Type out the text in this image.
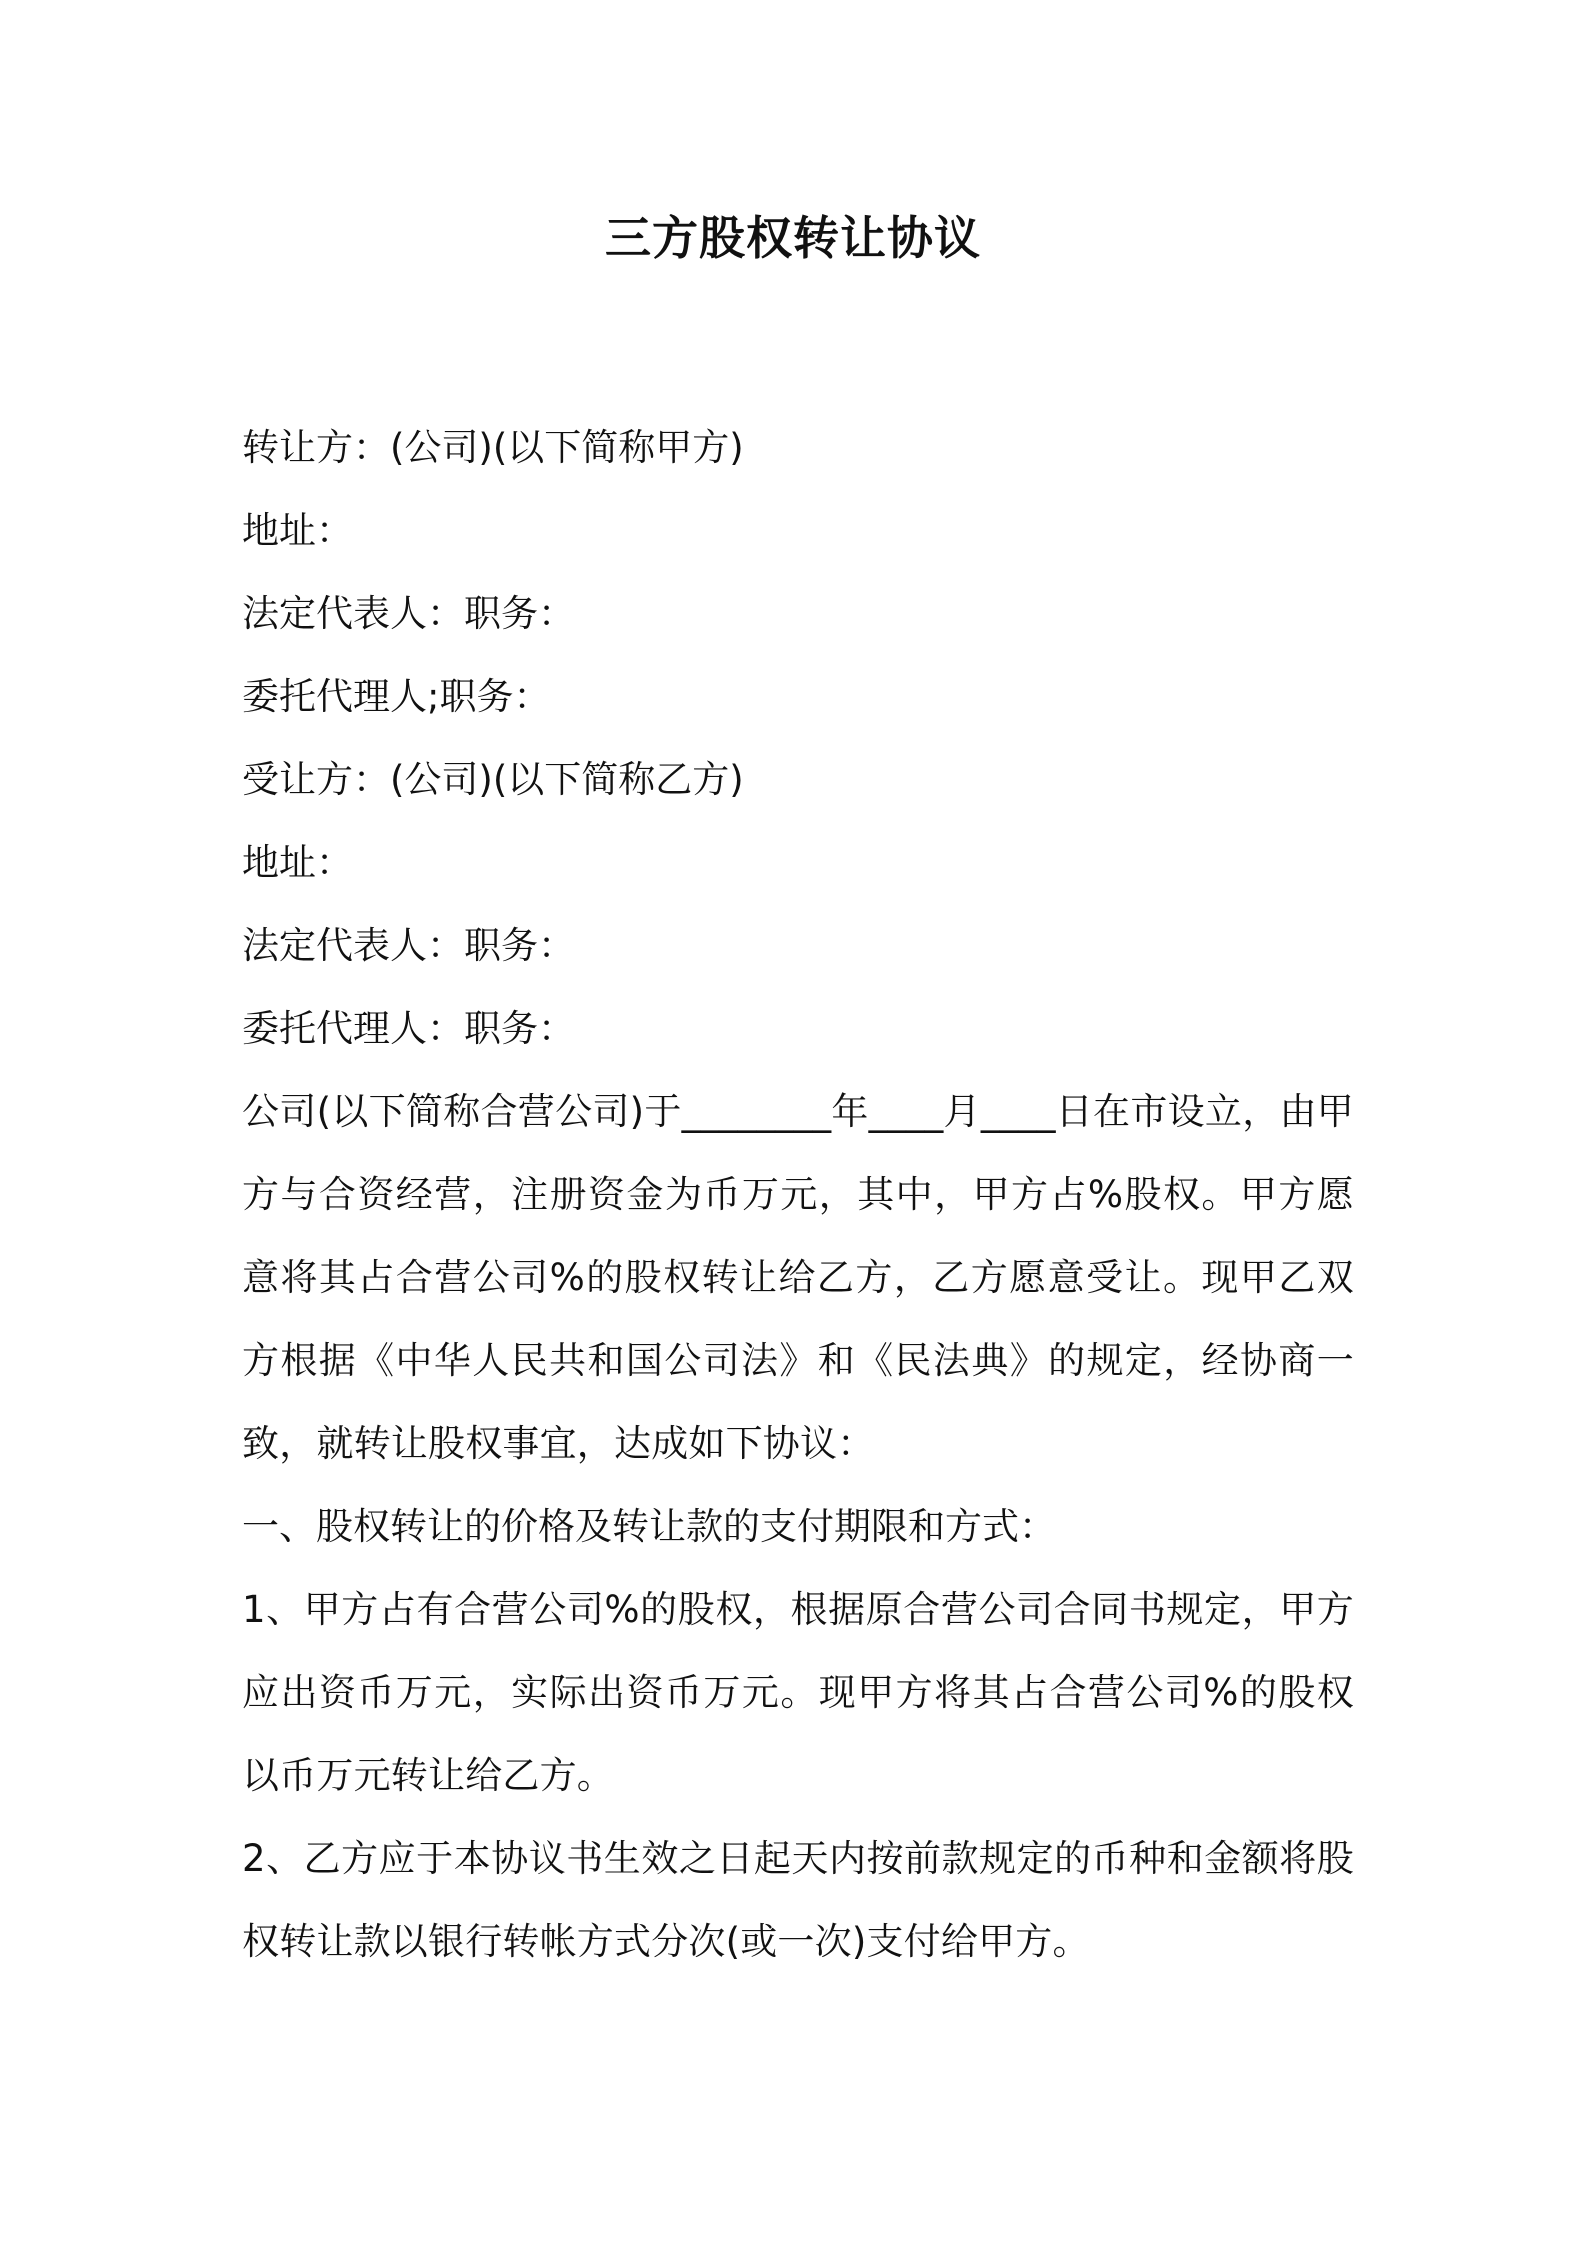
三方股权转让协议
转让方：(公司)(以下简称甲方)
地址：
法定代表人：职务：
委托代理人;职务：
受让方：(公司)(以下简称乙方)
地址：
法定代表人：职务：
委托代理人：职务：
公司(以下简称合营公司)于________年____月____日在市设立，由甲方与合资经营，注册资金为币万元，其中，甲方占%股权。甲方愿意将其占合营公司%的股权转让给乙方，乙方愿意受让。现甲乙双方根据《中华人民共和国公司法》和《民法典》的规定，经协商一致，就转让股权事宜，达成如下协议：
一、股权转让的价格及转让款的支付期限和方式：
1、甲方占有合营公司%的股权，根据原合营公司合同书规定，甲方应出资币万元，实际出资币万元。现甲方将其占合营公司%的股权以币万元转让给乙方。
2、乙方应于本协议书生效之日起天内按前款规定的币种和金额将股权转让款以银行转帐方式分次(或一次)支付给甲方。
